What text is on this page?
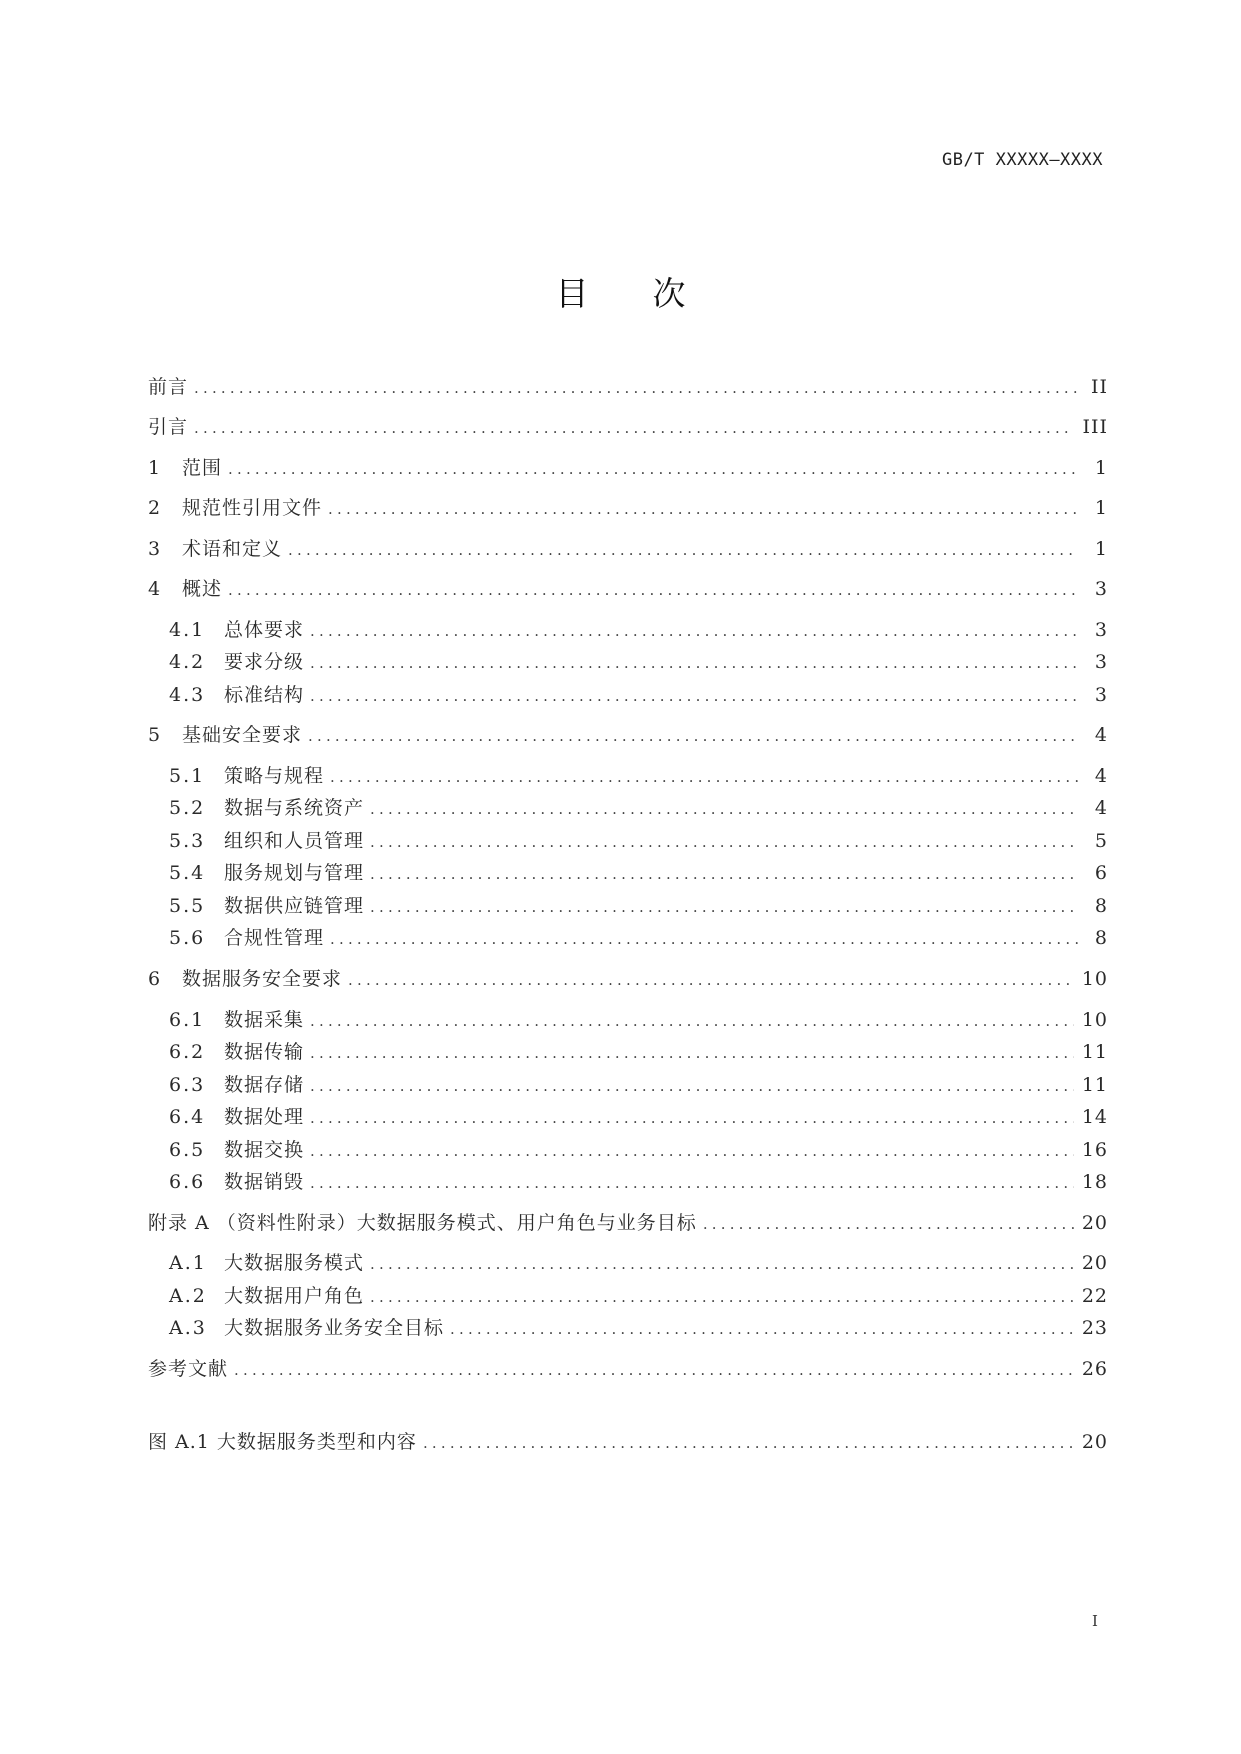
GB/T XXXXX—XXXX
目 次
前言 .....	II
引言 .....	III
1	范围 .....	1
2	规范性引用文件 .....	1
3	术语和定义 .....	1
4	概述 .....	3
4.1 总体要求 .....	3
4.2 要求分级 .....	3
4.3 标准结构 .....	3
5	基础安全要求 .....	4
5.1 策略与规程 .....	4
5.2 数据与系统资产 .....	4
5.3 组织和人员管理 .....	5
5.4 服务规划与管理 .....	6
5.5 数据供应链管理 .....	8
5.6 合规性管理 .....	8
6	数据服务安全要求 .....	10
6.1 数据采集 .....	10
6.2 数据传输 .....	11
6.3 数据存储 .....	11
6.4 数据处理 .....	14
6.5 数据交换 .....	16
6.6 数据销毁 .....	18
附录 A （资料性附录）大数据服务模式、用户角色与业务目标 .....	20
A.1 大数据服务模式 .....	20
A.2 大数据用户角色 .....	22
A.3 大数据服务业务安全目标 .....	23
参考文献 .....	26
图 A.1 大数据服务类型和内容 .....	20
I
